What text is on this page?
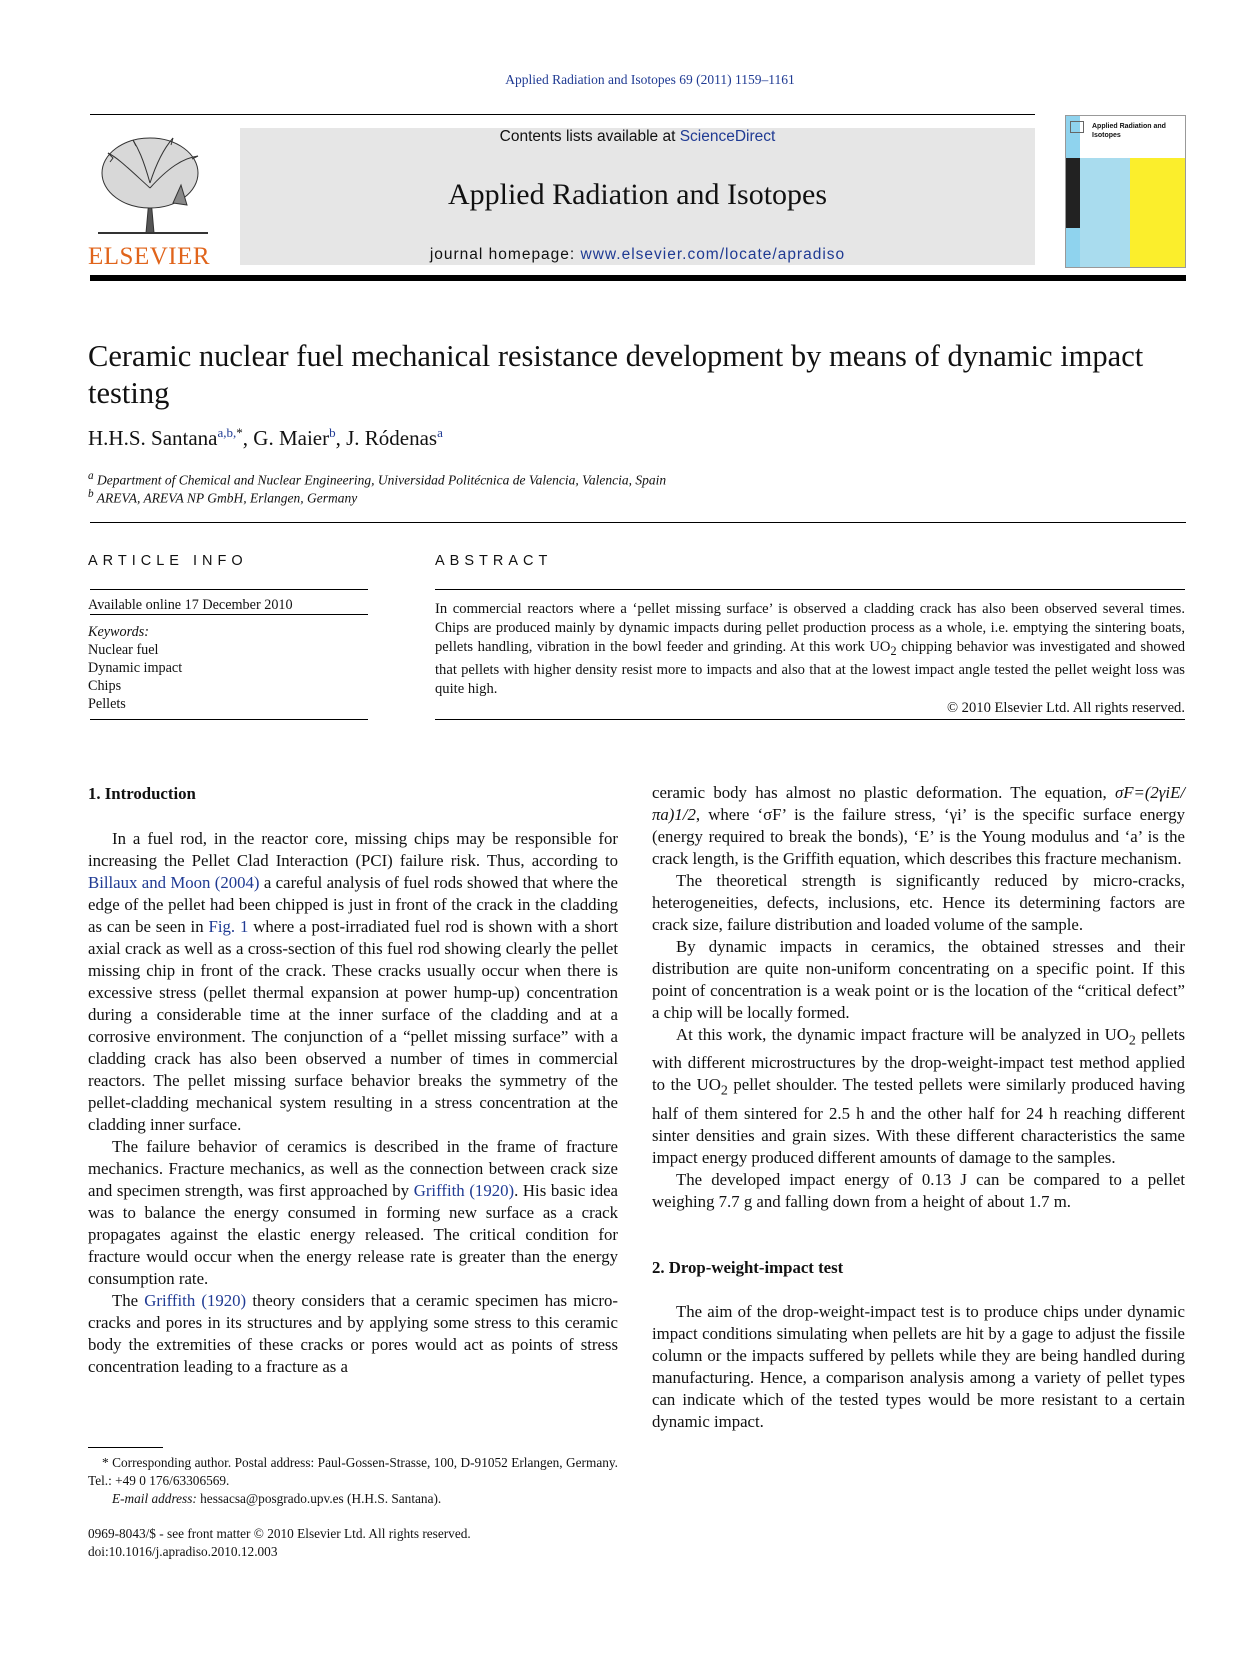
Applied Radiation and Isotopes 69 (2011) 1159–1161
ELSEVIER
Contents lists available at ScienceDirect
Applied Radiation and Isotopes
journal homepage: www.elsevier.com/locate/apradiso
Applied Radiation and
Isotopes
Ceramic nuclear fuel mechanical resistance development by means of dynamic impact testing
H.H.S. Santana$^{a,b,*}$, G. Maier$^b$, J. Ródenas$^a$
$^a$ Department of Chemical and Nuclear Engineering, Universidad Politécnica de Valencia, Valencia, Spain
$^b$ AREVA, AREVA NP GmbH, Erlangen, Germany
ARTICLE INFO
Available online 17 December 2010
Keywords:
Nuclear fuel
Dynamic impact
Chips
Pellets
ABSTRACT
In commercial reactors where a ‘pellet missing surface’ is observed a cladding crack has also been observed several times. Chips are produced mainly by dynamic impacts during pellet production process as a whole, i.e. emptying the sintering boats, pellets handling, vibration in the bowl feeder and grinding. At this work $UO_2$ chipping behavior was investigated and showed that pellets with higher density resist more to impacts and also that at the lowest impact angle tested the pellet weight loss was quite high.
© 2010 Elsevier Ltd. All rights reserved.
1. Introduction

In a fuel rod, in the reactor core, missing chips may be responsible for increasing the Pellet Clad Interaction (PCI) failure risk. Thus, according to Billaux and Moon (2004) a careful analysis of fuel rods showed that where the edge of the pellet had been chipped is just in front of the crack in the cladding as can be seen in Fig. 1 where a post-irradiated fuel rod is shown with a short axial crack as well as a cross-section of this fuel rod showing clearly the pellet missing chip in front of the crack. These cracks usually occur when there is excessive stress (pellet thermal expansion at power hump-up) concentration during a considerable time at the inner surface of the cladding and at a corrosive environment. The conjunction of a “pellet missing surface” with a cladding crack has also been observed a number of times in commercial reactors. The pellet missing surface behavior breaks the symmetry of the pellet-cladding mechanical system resulting in a stress concentration at the cladding inner surface.

The failure behavior of ceramics is described in the frame of fracture mechanics. Fracture mechanics, as well as the connection between crack size and specimen strength, was first approached by Griffith (1920). His basic idea was to balance the energy consumed in forming new surface as a crack propagates against the elastic energy released. The critical condition for fracture would occur when the energy release rate is greater than the energy consumption rate.

The Griffith (1920) theory considers that a ceramic specimen has micro-cracks and pores in its structures and by applying some stress to this ceramic body the extremities of these cracks or pores would act as points of stress concentration leading to a fracture as a

ceramic body has almost no plastic deformation. The equation, σF=(2γiE/πa)1/2, where ‘σF’ is the failure stress, ‘γi’ is the specific surface energy (energy required to break the bonds), ‘E’ is the Young modulus and ‘a’ is the crack length, is the Griffith equation, which describes this fracture mechanism.

The theoretical strength is significantly reduced by micro-cracks, heterogeneities, defects, inclusions, etc. Hence its determining factors are crack size, failure distribution and loaded volume of the sample.

By dynamic impacts in ceramics, the obtained stresses and their distribution are quite non-uniform concentrating on a specific point. If this point of concentration is a weak point or is the location of the “critical defect” a chip will be locally formed.

At this work, the dynamic impact fracture will be analyzed in $UO_2$ pellets with different microstructures by the drop-weight-impact test method applied to the $UO_2$ pellet shoulder. The tested pellets were similarly produced having half of them sintered for 2.5 h and the other half for 24 h reaching different sinter densities and grain sizes. With these different characteristics the same impact energy produced different amounts of damage to the samples.

The developed impact energy of 0.13 J can be compared to a pellet weighing 7.7 g and falling down from a height of about 1.7 m.

2. Drop-weight-impact test

The aim of the drop-weight-impact test is to produce chips under dynamic impact conditions simulating when pellets are hit by a gage to adjust the fissile column or the impacts suffered by pellets while they are being handled during manufacturing. Hence, a comparison analysis among a variety of pellet types can indicate which of the tested types would be more resistant to a certain dynamic impact.

* Corresponding author. Postal address: Paul-Gossen-Strasse, 100, D-91052 Erlangen, Germany. Tel.: +49 0 176/63306569.
E-mail address: hessacsa@posgrado.upv.es (H.H.S. Santana).
0969-8043/$ - see front matter © 2010 Elsevier Ltd. All rights reserved.
doi:10.1016/j.apradiso.2010.12.003
